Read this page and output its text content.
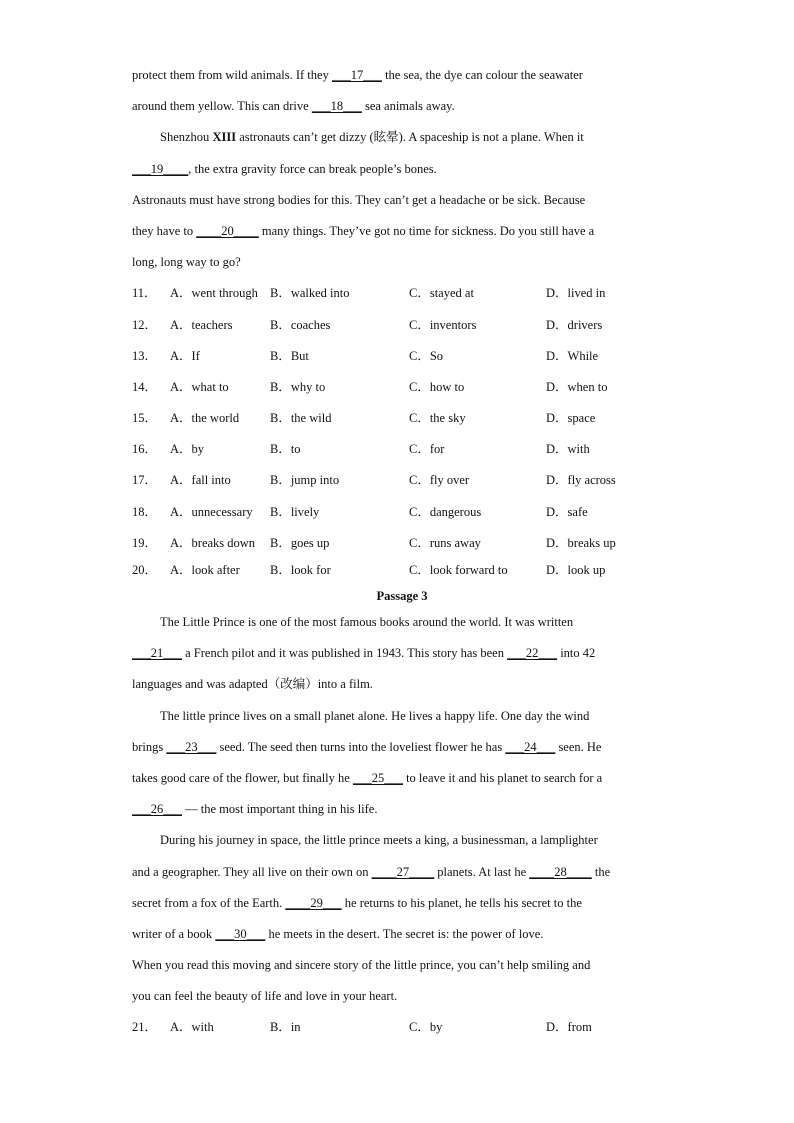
protect them from wild animals. If they ___17___ the sea, the dye can colour the seawater
around them yellow. This can drive ___18___ sea animals away.
Shenzhou XIII astronauts can’t get dizzy (眩晕). A spaceship is not a plane. When it
___19____, the extra gravity force can break people’s bones.
Astronauts must have strong bodies for this. They can’t get a headache or be sick. Because
they have to ____20____ many things. They’ve got no time for sickness. Do you still have a
long, long way to go?
11．	A．went through B．walked into	C．stayed at	D．lived in
12．	A．teachers	B．coaches	C．inventors	D．drivers
13．	A．If	B．But	C．So	D．While
14．	A．what to	B．why to	C．how to	D．when to
15．	A．the world	B．the wild	C．the sky	D．space
16．	A．by	B．to	C．for	D．with
17．	A．fall into	B．jump into	C．fly over	D．fly across
18．	A．unnecessary	B．lively	C．dangerous	D．safe
19．	A．breaks down	B．goes up	C．runs away	D．breaks up
20．	A．look after	B．look for	C．look forward to	D．look up
Passage 3
The Little Prince is one of the most famous books around the world. It was written
___21___ a French pilot and it was published in 1943. This story has been ___22___ into 42
languages and was adapted（改编）into a film.
The little prince lives on a small planet alone. He lives a happy life. One day the wind
brings ___23___ seed. The seed then turns into the loveliest flower he has ___24___ seen. He
takes good care of the flower, but finally he ___25___ to leave it and his planet to search for a
___26___ — the most important thing in his life.
During his journey in space, the little prince meets a king, a businessman, a lamplighter
and a geographer. They all live on their own on ____27____ planets. At last he ____28____ the
secret from a fox of the Earth. ____29___ he returns to his planet, he tells his secret to the
writer of a book ___30___ he meets in the desert. The secret is: the power of love.
When you read this moving and sincere story of the little prince, you can’t help smiling and
you can feel the beauty of life and love in your heart.
21．	A．with	B．in	C．by	D．from
